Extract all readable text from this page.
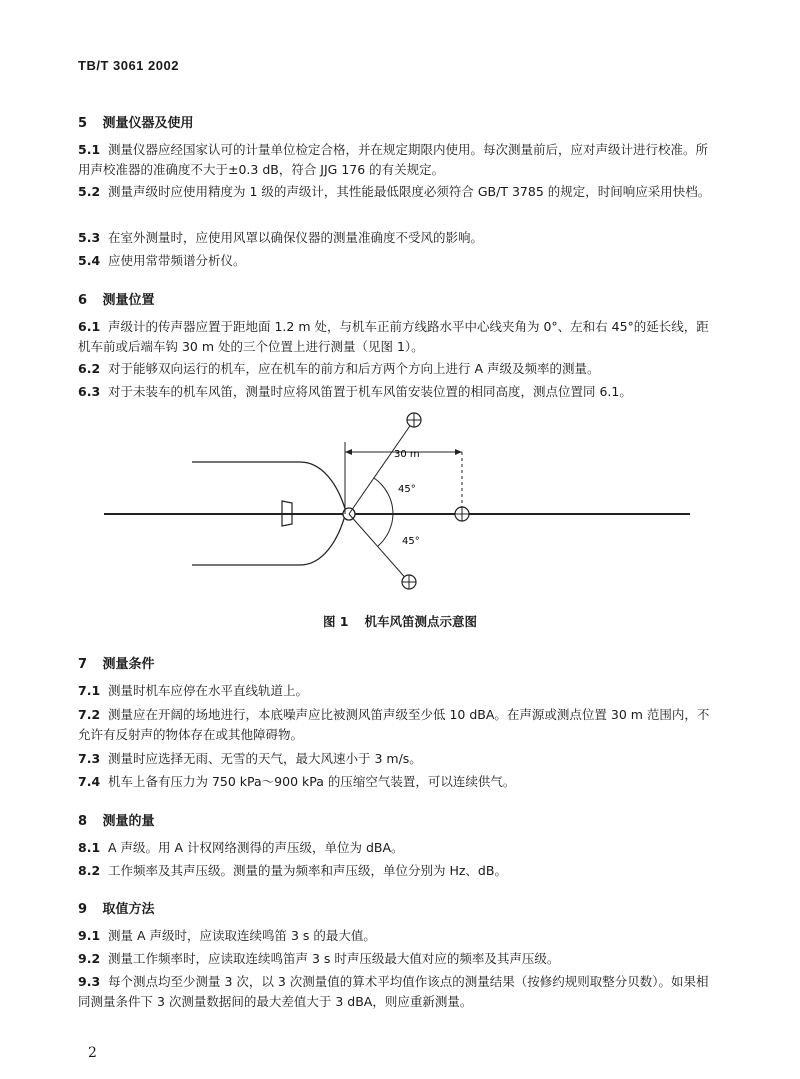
TB/T 3061 2002
5 测量仪器及使用
5.1 测量仪器应经国家认可的计量单位检定合格，并在规定期限内使用。每次测量前后，应对声级计进行校准。所用声校准器的准确度不大于±0.3 dB，符合 JJG 176 的有关规定。
5.2 测量声级时应使用精度为 1 级的声级计，其性能最低限度必须符合 GB/T 3785 的规定，时间响应采用快档。
5.3 在室外测量时，应使用风罩以确保仪器的测量准确度不受风的影响。
5.4 应使用常带频谱分析仪。
6 测量位置
6.1 声级计的传声器应置于距地面 1.2 m 处，与机车正前方线路水平中心线夹角为 0°、左和右 45°的延长线，距机车前或后端车钩 30 m 处的三个位置上进行测量（见图 1）。
6.2 对于能够双向运行的机车，应在机车的前方和后方两个方向上进行 A 声级及频率的测量。
6.3 对于未装车的机车风笛，测量时应将风笛置于机车风笛安装位置的相同高度，测点位置同 6.1。
30 m
45°
45°
图 1 机车风笛测点示意图
7 测量条件
7.1 测量时机车应停在水平直线轨道上。
7.2 测量应在开阔的场地进行，本底噪声应比被测风笛声级至少低 10 dBA。在声源或测点位置 30 m 范围内，不允许有反射声的物体存在或其他障碍物。
7.3 测量时应选择无雨、无雪的天气，最大风速小于 3 m/s。
7.4 机车上备有压力为 750 kPa～900 kPa 的压缩空气装置，可以连续供气。
8 测量的量
8.1 A 声级。用 A 计权网络测得的声压级，单位为 dBA。
8.2 工作频率及其声压级。测量的量为频率和声压级，单位分别为 Hz、dB。
9 取值方法
9.1 测量 A 声级时，应读取连续鸣笛 3 s 的最大值。
9.2 测量工作频率时，应读取连续鸣笛声 3 s 时声压级最大值对应的频率及其声压级。
9.3 每个测点均至少测量 3 次，以 3 次测量值的算术平均值作该点的测量结果（按修约规则取整分贝数）。如果相同测量条件下 3 次测量数据间的最大差值大于 3 dBA，则应重新测量。
2
